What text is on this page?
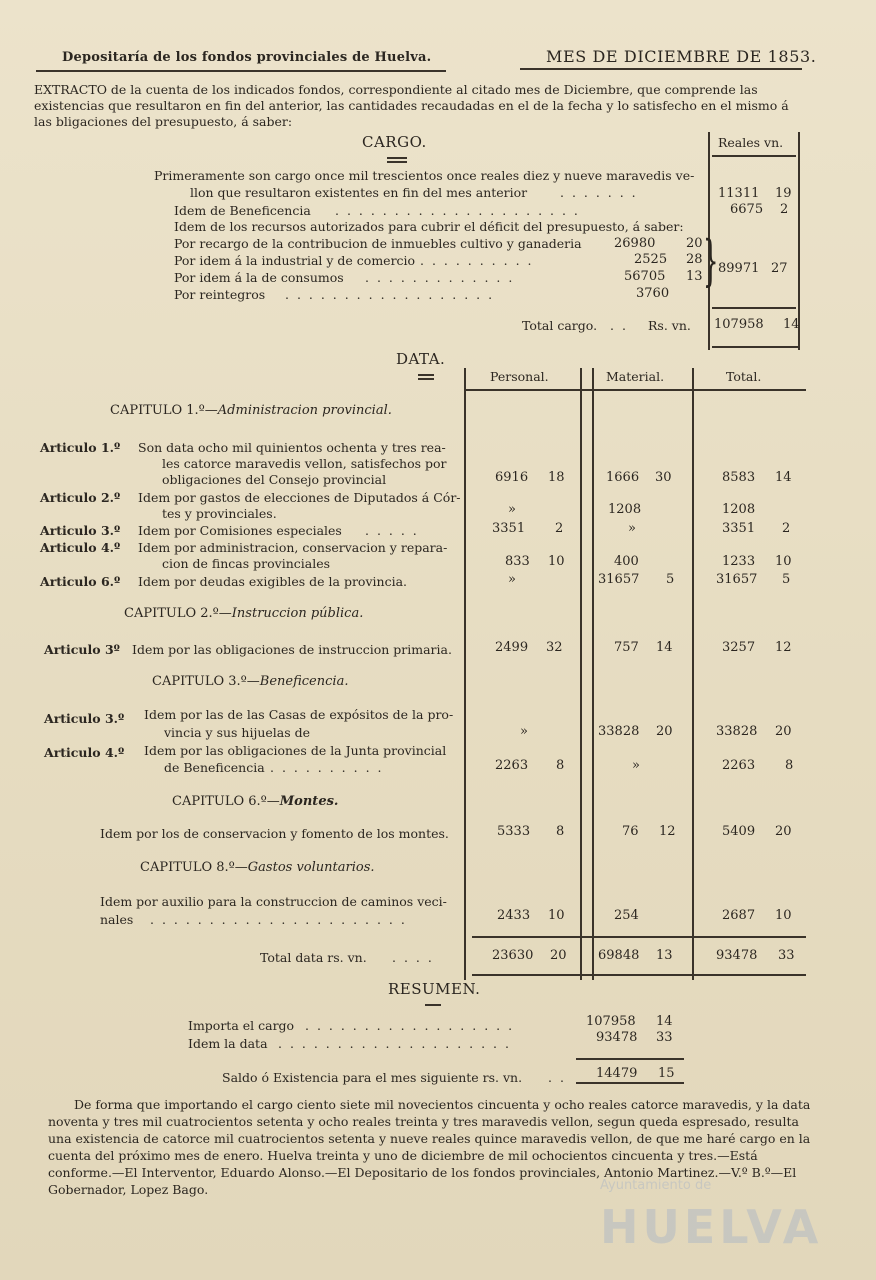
Depositaría de los fondos provinciales de Huelva.	MES DE DICIEMBRE DE 1853.
EXTRACTO de la cuenta de los indicados fondos, correspondiente al citado mes de Diciembre, que comprende las existencias que resultaron en fin del anterior, las cantidades recaudadas en el de la fecha y lo satisfecho en el mismo á las bligaciones del presupuesto, á saber:
CARGO.	Reales vn.
Primeramente son cargo once mil trescientos once reales diez y nueve maravedis ve-
llon que resultaron existentes en fin del mes anterior	. . . . . . .	11311 19
Idem de Beneficencia . . . . . . . . . . . . . . . . . . . . .	6675 2
Idem de los recursos autorizados para cubrir el déficit del presupuesto, á saber:
Por recargo de la contribucion de inmuebles cultivo y ganaderia 26980 20
Por idem á la industrial y de comercio . . . . . . . . . .	2525 28
Por idem á la de consumos . . . . . . . . . . . . .	56705 13
Por reintegros . . . . . . . . . . . . . . . . . .	3760
} 89971 27
Total cargo. . . Rs. vn. 107958 14
DATA.
Personal.	Material.	Total.
CAPITULO 1.º—Administracion provincial.
Articulo 1.º Son data ocho mil quinientos ochenta y tres rea-
les catorce maravedis vellon, satisfechos por
obligaciones del Consejo provincial	6916 18	1666 30	8583 14
Articulo 2.º Idem por gastos de elecciones de Diputados á Cór-
tes y provinciales.	»	1208	1208
Articulo 3.º Idem por Comisiones especiales . . . . .	3351 2	»	3351 2
Articulo 4.º Idem por administracion, conservacion y repara-
cion de fincas provinciales	833 10	400	1233 10
Articulo 6.º Idem por deudas exigibles de la provincia.	»	31657 5	31657 5
CAPITULO 2.º—Instruccion pública.
Articulo 3º Idem por las obligaciones de instruccion primaria.	2499 32	757 14	3257 12
CAPITULO 3.º—Beneficencia.
Articulo 3.º Idem por las de las Casas de expósitos de la pro-
vincia y sus hijuelas de	»	33828 20	33828 20
Articulo 4.º Idem por las obligaciones de la Junta provincial
de Beneficencia . . . . . . . . . .	2263 8	»	2263 8
CAPITULO 6.º—Montes.
Idem por los de conservacion y fomento de los montes.	5333 8	76 12	5409 20
CAPITULO 8.º—Gastos voluntarios.
Idem por auxilio para la construccion de caminos veci-
nales . . . . . . . . . . . . . . . . . . . . . .	2433 10	254	2687 10
Total data rs. vn. . . . .	23630 20 69848 13	93478 33
RESUMEN.
Importa el cargo . . . . . . . . . . . . . . . . . .	107958 14
Idem la data . . . . . . . . . . . . . . . . . . . .	93478 33
Saldo ó Existencia para el mes siguiente rs. vn. . . 14479 15
De forma que importando el cargo ciento siete mil novecientos cincuenta y ocho reales catorce maravedis, y la data noventa y tres mil cuatrocientos setenta y ocho reales treinta y tres maravedis vellon, segun queda espresado, resulta una existencia de catorce mil cuatrocientos setenta y nueve reales quince maravedis vellon, de que me haré cargo en la cuenta del próximo mes de enero. Huelva treinta y uno de diciembre de mil ochocientos cincuenta y tres.—Está conforme.—El Interventor, Eduardo Alonso.—El Depositario de los fondos provinciales, Antonio Martinez.—V.º B.º—El Gobernador, Lopez Bago.	Ayuntamiento de
HUELVA
